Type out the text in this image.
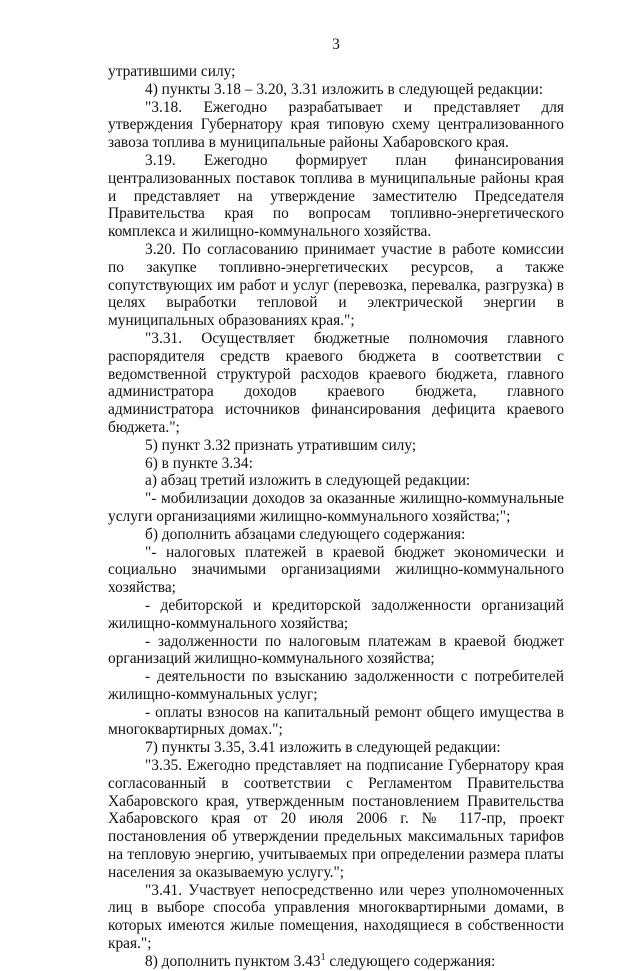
3

утратившими силу;

4) пункты 3.18 – 3.20, 3.31 изложить в следующей редакции:

"3.18. Ежегодно разрабатывает и представляет для утверждения Губернатору края типовую схему централизованного завоза топлива в муниципальные районы Хабаровского края.

3.19. Ежегодно формирует план финансирования централизованных поставок топлива в муниципальные районы края и представляет на утверждение заместителю Председателя Правительства края по вопросам топливно-энергетического комплекса и жилищно-коммунального хозяйства.

3.20. По согласованию принимает участие в работе комиссии по закупке топливно-энергетических ресурсов, а также сопутствующих им работ и услуг (перевозка, перевалка, разгрузка) в целях выработки тепловой и электрической энергии в муниципальных образованиях края.";

"3.31. Осуществляет бюджетные полномочия главного распорядителя средств краевого бюджета в соответствии с ведомственной структурой расходов краевого бюджета, главного администратора доходов краевого бюджета, главного администратора источников финансирования дефицита краевого бюджета.";

5) пункт 3.32 признать утратившим силу;

6) в пункте 3.34:

а) абзац третий изложить в следующей редакции:

"- мобилизации доходов за оказанные жилищно-коммунальные услуги организациями жилищно-коммунального хозяйства;";

б) дополнить абзацами следующего содержания:

"- налоговых платежей в краевой бюджет экономически и социально значимыми организациями жилищно-коммунального хозяйства;

- дебиторской и кредиторской задолженности организаций жилищно-коммунального хозяйства;

- задолженности по налоговым платежам в краевой бюджет организаций жилищно-коммунального хозяйства;

- деятельности по взысканию задолженности с потребителей жилищно-коммунальных услуг;

- оплаты взносов на капитальный ремонт общего имущества в многоквартирных домах.";

7) пункты 3.35, 3.41 изложить в следующей редакции:

"3.35. Ежегодно представляет на подписание Губернатору края согласованный в соответствии с Регламентом Правительства Хабаровского края, утвержденным постановлением Правительства Хабаровского края от 20 июля 2006 г. № 117-пр, проект постановления об утверждении предельных максимальных тарифов на тепловую энергию, учитываемых при определении размера платы населения за оказываемую услугу.";

"3.41. Участвует непосредственно или через уполномоченных лиц в выборе способа управления многоквартирными домами, в которых имеются жилые помещения, находящиеся в собственности края.";

8) дополнить пунктом 3.43$^1$ следующего содержания:
